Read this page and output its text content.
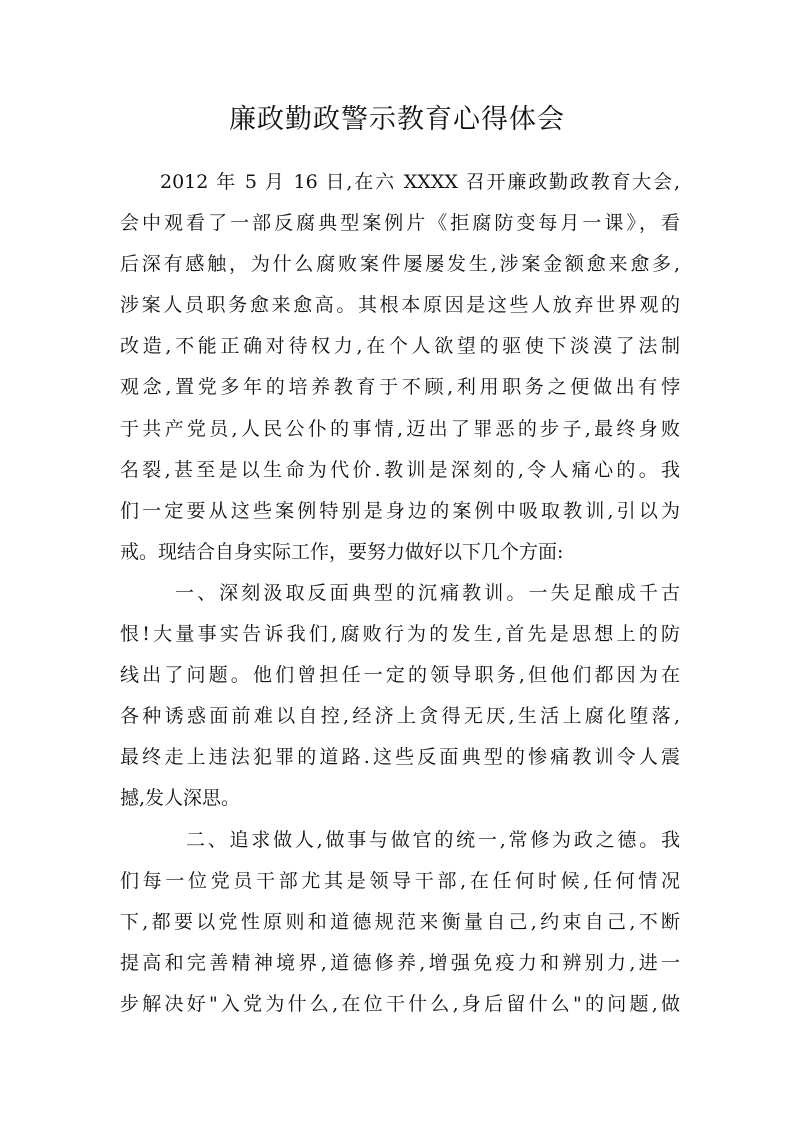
廉政勤政警示教育心得体会
2012 年 5 月 16 日,在六 XXXX 召开廉政勤政教育大会,
会中观看了一部反腐典型案例片《拒腐防变每月一课》，看
后深有感触，为什么腐败案件屡屡发生,涉案金额愈来愈多,
涉案人员职务愈来愈高。其根本原因是这些人放弃世界观的
改造,不能正确对待权力,在个人欲望的驱使下淡漠了法制
观念,置党多年的培养教育于不顾,利用职务之便做出有悖
于共产党员,人民公仆的事情,迈出了罪恶的步子,最终身败
名裂,甚至是以生命为代价.教训是深刻的,令人痛心的。我
们一定要从这些案例特别是身边的案例中吸取教训,引以为
戒。现结合自身实际工作，要努力做好以下几个方面:
一、深刻汲取反面典型的沉痛教训。一失足酿成千古
恨!大量事实告诉我们,腐败行为的发生,首先是思想上的防
线出了问题。他们曾担任一定的领导职务,但他们都因为在
各种诱惑面前难以自控,经济上贪得无厌,生活上腐化堕落,
最终走上违法犯罪的道路.这些反面典型的惨痛教训令人震
撼,发人深思。
二、追求做人,做事与做官的统一,常修为政之德。我
们每一位党员干部尤其是领导干部,在任何时候,任何情况
下,都要以党性原则和道德规范来衡量自己,约束自己,不断
提高和完善精神境界,道德修养,增强免疫力和辨别力,进一
步解决好"入党为什么,在位干什么,身后留什么"的问题,做
